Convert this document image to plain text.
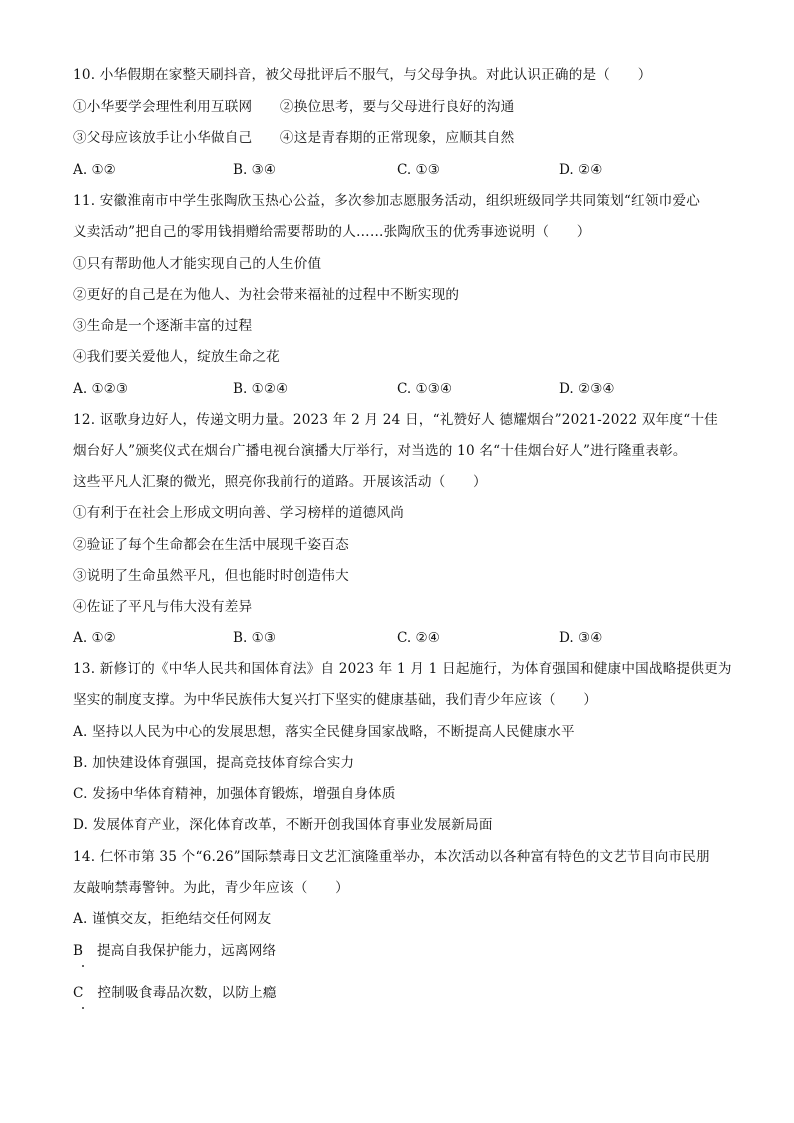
10. 小华假期在家整天刷抖音，被父母批评后不服气，与父母争执。对此认识正确的是（　　）
①小华要学会理性利用互联网　　②换位思考，要与父母进行良好的沟通
③父母应该放手让小华做自己　　④这是青春期的正常现象，应顺其自然
A. ①②	B. ③④	C. ①③	D. ②④
11. 安徽淮南市中学生张陶欣玉热心公益，多次参加志愿服务活动，组织班级同学共同策划“红领巾爱心
义卖活动”把自己的零用钱捐赠给需要帮助的人……张陶欣玉的优秀事迹说明（　　）
①只有帮助他人才能实现自己的人生价值
②更好的自己是在为他人、为社会带来福祉的过程中不断实现的
③生命是一个逐渐丰富的过程
④我们要关爱他人，绽放生命之花
A. ①②③	B. ①②④	C. ①③④	D. ②③④
12. 讴歌身边好人，传递文明力量。2023 年 2 月 24 日，“礼赞好人 德耀烟台”2021-2022 双年度“十佳
烟台好人”颁奖仪式在烟台广播电视台演播大厅举行，对当选的 10 名“十佳烟台好人”进行隆重表彰。
这些平凡人汇聚的微光，照亮你我前行的道路。开展该活动（　　）
①有利于在社会上形成文明向善、学习榜样的道德风尚
②验证了每个生命都会在生活中展现千姿百态
③说明了生命虽然平凡，但也能时时创造伟大
④佐证了平凡与伟大没有差异
A. ①②	B. ①③	C. ②④	D. ③④
13. 新修订的《中华人民共和国体育法》自 2023 年 1 月 1 日起施行，为体育强国和健康中国战略提供更为
坚实的制度支撑。为中华民族伟大复兴打下坚实的健康基础，我们青少年应该（　　）
A. 坚持以人民为中心的发展思想，落实全民健身国家战略，不断提高人民健康水平
B. 加快建设体育强国，提高竞技体育综合实力
C. 发扬中华体育精神，加强体育锻炼，增强自身体质
D. 发展体育产业，深化体育改革，不断开创我国体育事业发展新局面
14. 仁怀市第 35 个“6.26”国际禁毒日文艺汇演隆重举办，本次活动以各种富有特色的文艺节目向市民朋
友敲响禁毒警钟。为此，青少年应该（　　）
A. 谨慎交友，拒绝结交任何网友
B　提高自我保护能力，远离网络
C　控制吸食毒品次数，以防上瘾
